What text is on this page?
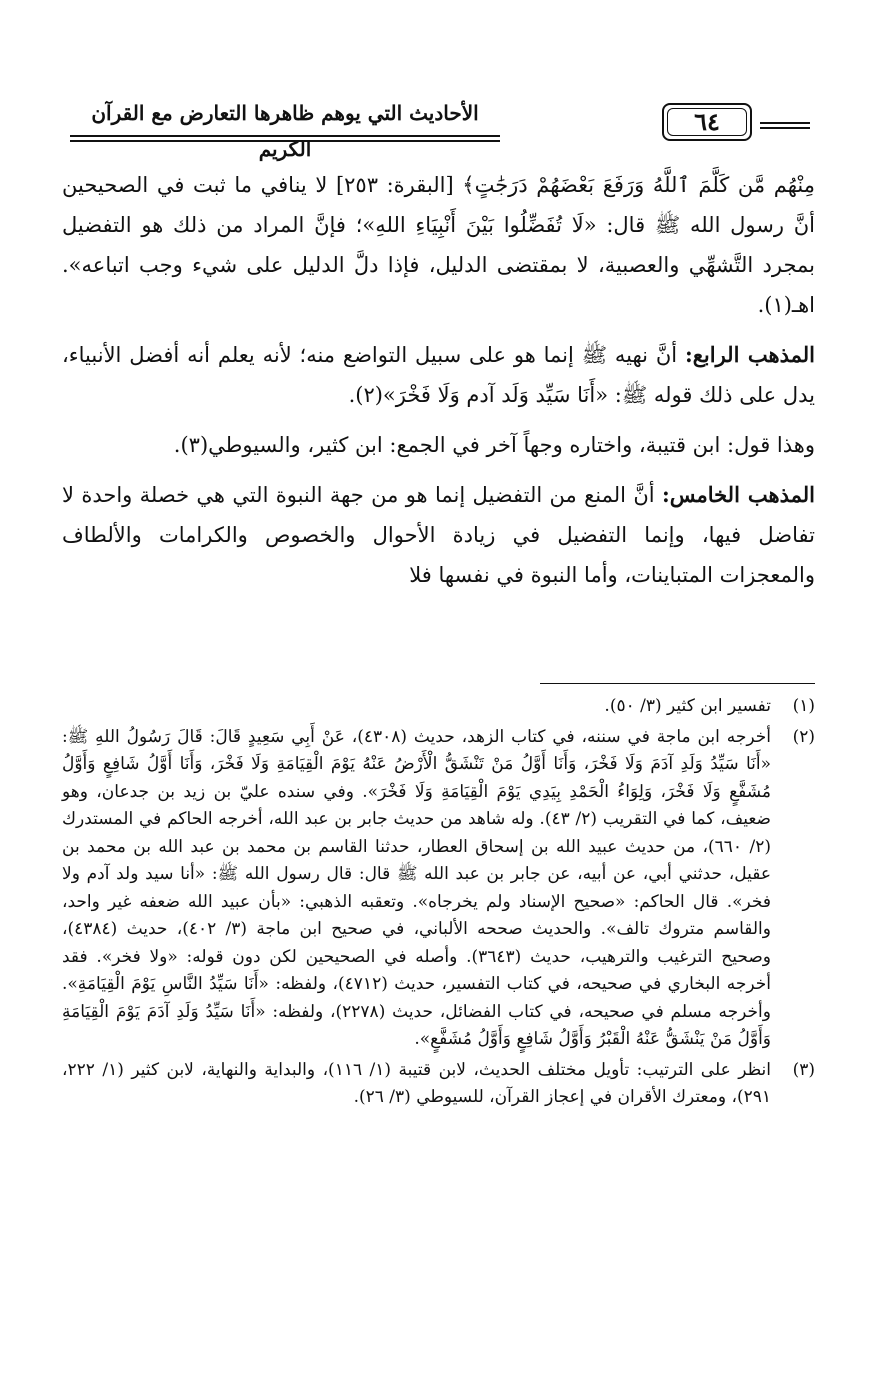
٦٤
الأحاديث التي يوهم ظاهرها التعارض مع القرآن الكريم

مِنْهُم مَّن كَلَّمَ ٱللَّهُ وَرَفَعَ بَعْضَهُمْ دَرَجَٰتٍ﴾ [البقرة: ٢٥٣] لا ينافي ما ثبت في الصحيحين أنَّ رسول الله ﷺ قال: «لَا تُفَضِّلُوا بَيْنَ أَنْبِيَاءِ اللهِ»؛ فإنَّ المراد من ذلك هو التفضيل بمجرد التَّشهِّي والعصبية، لا بمقتضى الدليل، فإذا دلَّ الدليل على شيء وجب اتباعه». اهـ(١).

المذهب الرابع: أنَّ نهيه ﷺ إنما هو على سبيل التواضع منه؛ لأنه يعلم أنه أفضل الأنبياء، يدل على ذلك قوله ﷺ: «أَنَا سَيِّد وَلَد آدم وَلَا فَخْرَ»(٢).

وهذا قول: ابن قتيبة، واختاره وجهاً آخر في الجمع: ابن كثير، والسيوطي(٣).

المذهب الخامس: أنَّ المنع من التفضيل إنما هو من جهة النبوة التي هي خصلة واحدة لا تفاضل فيها، وإنما التفضيل في زيادة الأحوال والخصوص والكرامات والألطاف والمعجزات المتباينات، وأما النبوة في نفسها فلا

(١)
تفسير ابن كثير (٣/ ٥٠).
(٢)
أخرجه ابن ماجة في سننه، في كتاب الزهد، حديث (٤٣٠٨)، عَنْ أَبِي سَعِيدٍ قَالَ: قَالَ رَسُولُ اللهِ ﷺ: «أَنَا سَيِّدُ وَلَدِ آدَمَ وَلَا فَخْرَ، وَأَنَا أَوَّلُ مَنْ تَنْشَقُّ الْأَرْضُ عَنْهُ يَوْمَ الْقِيَامَةِ وَلَا فَخْرَ، وَأَنَا أَوَّلُ شَافِعٍ وَأَوَّلُ مُشَفَّعٍ وَلَا فَخْرَ، وَلِوَاءُ الْحَمْدِ بِيَدِي يَوْمَ الْقِيَامَةِ وَلَا فَخْرَ». وفي سنده عليّ بن زيد بن جدعان، وهو ضعيف، كما في التقريب (٢/ ٤٣). وله شاهد من حديث جابر بن عبد الله، أخرجه الحاكم في المستدرك (٢/ ٦٦٠)، من حديث عبيد الله بن إسحاق العطار، حدثنا القاسم بن محمد بن عبد الله بن محمد بن عقيل، حدثني أبي، عن أبيه، عن جابر بن عبد الله ﷺ قال: قال رسول الله ﷺ: «أنا سيد ولد آدم ولا فخر». قال الحاكم: «صحيح الإسناد ولم يخرجاه». وتعقبه الذهبي: «بأن عبيد الله ضعفه غير واحد، والقاسم متروك تالف». والحديث صححه الألباني، في صحيح ابن ماجة (٣/ ٤٠٢)، حديث (٤٣٨٤)، وصحيح الترغيب والترهيب، حديث (٣٦٤٣). وأصله في الصحيحين لكن دون قوله: «ولا فخر». فقد أخرجه البخاري في صحيحه، في كتاب التفسير، حديث (٤٧١٢)، ولفظه: «أَنَا سَيِّدُ النَّاسِ يَوْمَ الْقِيَامَةِ». وأخرجه مسلم في صحيحه، في كتاب الفضائل، حديث (٢٢٧٨)، ولفظه: «أَنَا سَيِّدُ وَلَدِ آدَمَ يَوْمَ الْقِيَامَةِ وَأَوَّلُ مَنْ يَنْشَقُّ عَنْهُ الْقَبْرُ وَأَوَّلُ شَافِعٍ وَأَوَّلُ مُشَفَّعٍ».
(٣)
انظر على الترتيب: تأويل مختلف الحديث، لابن قتيبة (١/ ١١٦)، والبداية والنهاية، لابن كثير (١/ ٢٢٢، ٢٩١)، ومعترك الأقران في إعجاز القرآن، للسيوطي (٣/ ٢٦).
